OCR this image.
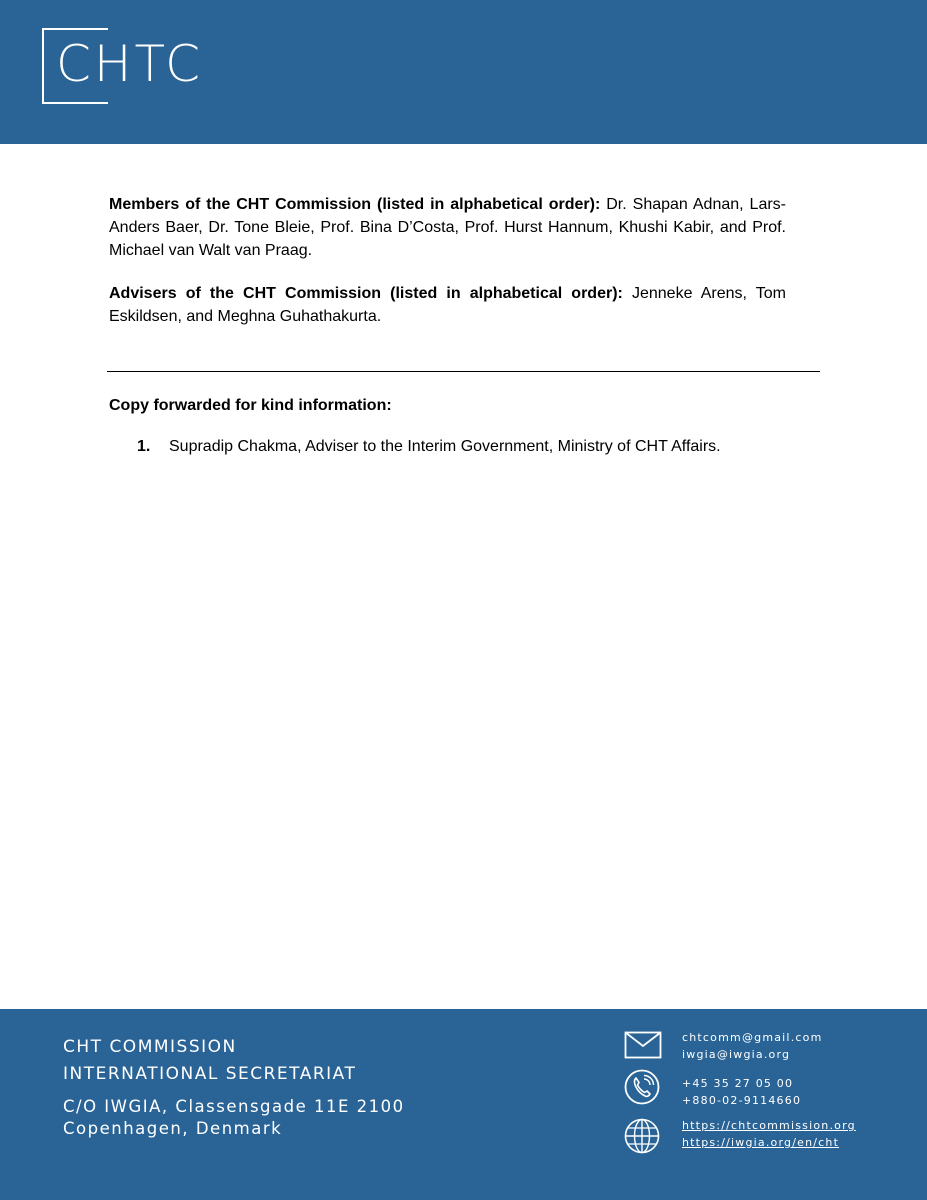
CHTC

Members of the CHT Commission (listed in alphabetical order): Dr. Shapan Adnan, Lars-Anders Baer, Dr. Tone Bleie, Prof. Bina D’Costa, Prof. Hurst Hannum, Khushi Kabir, and Prof. Michael van Walt van Praag.

Advisers of the CHT Commission (listed in alphabetical order): Jenneke Arens, Tom Eskildsen, and Meghna Guhathakurta.

Copy forwarded for kind information:
1.	Supradip Chakma, Adviser to the Interim Government, Ministry of CHT Affairs.
CHT COMMISSION
INTERNATIONAL SECRETARIAT
C/O IWGIA, Classensgade 11E 2100
Copenhagen, Denmark
chtcomm@gmail.com
iwgia@iwgia.org
+45 35 27 05 00
+880-02-9114660
https://chtcommission.org
https://iwgia.org/en/cht
